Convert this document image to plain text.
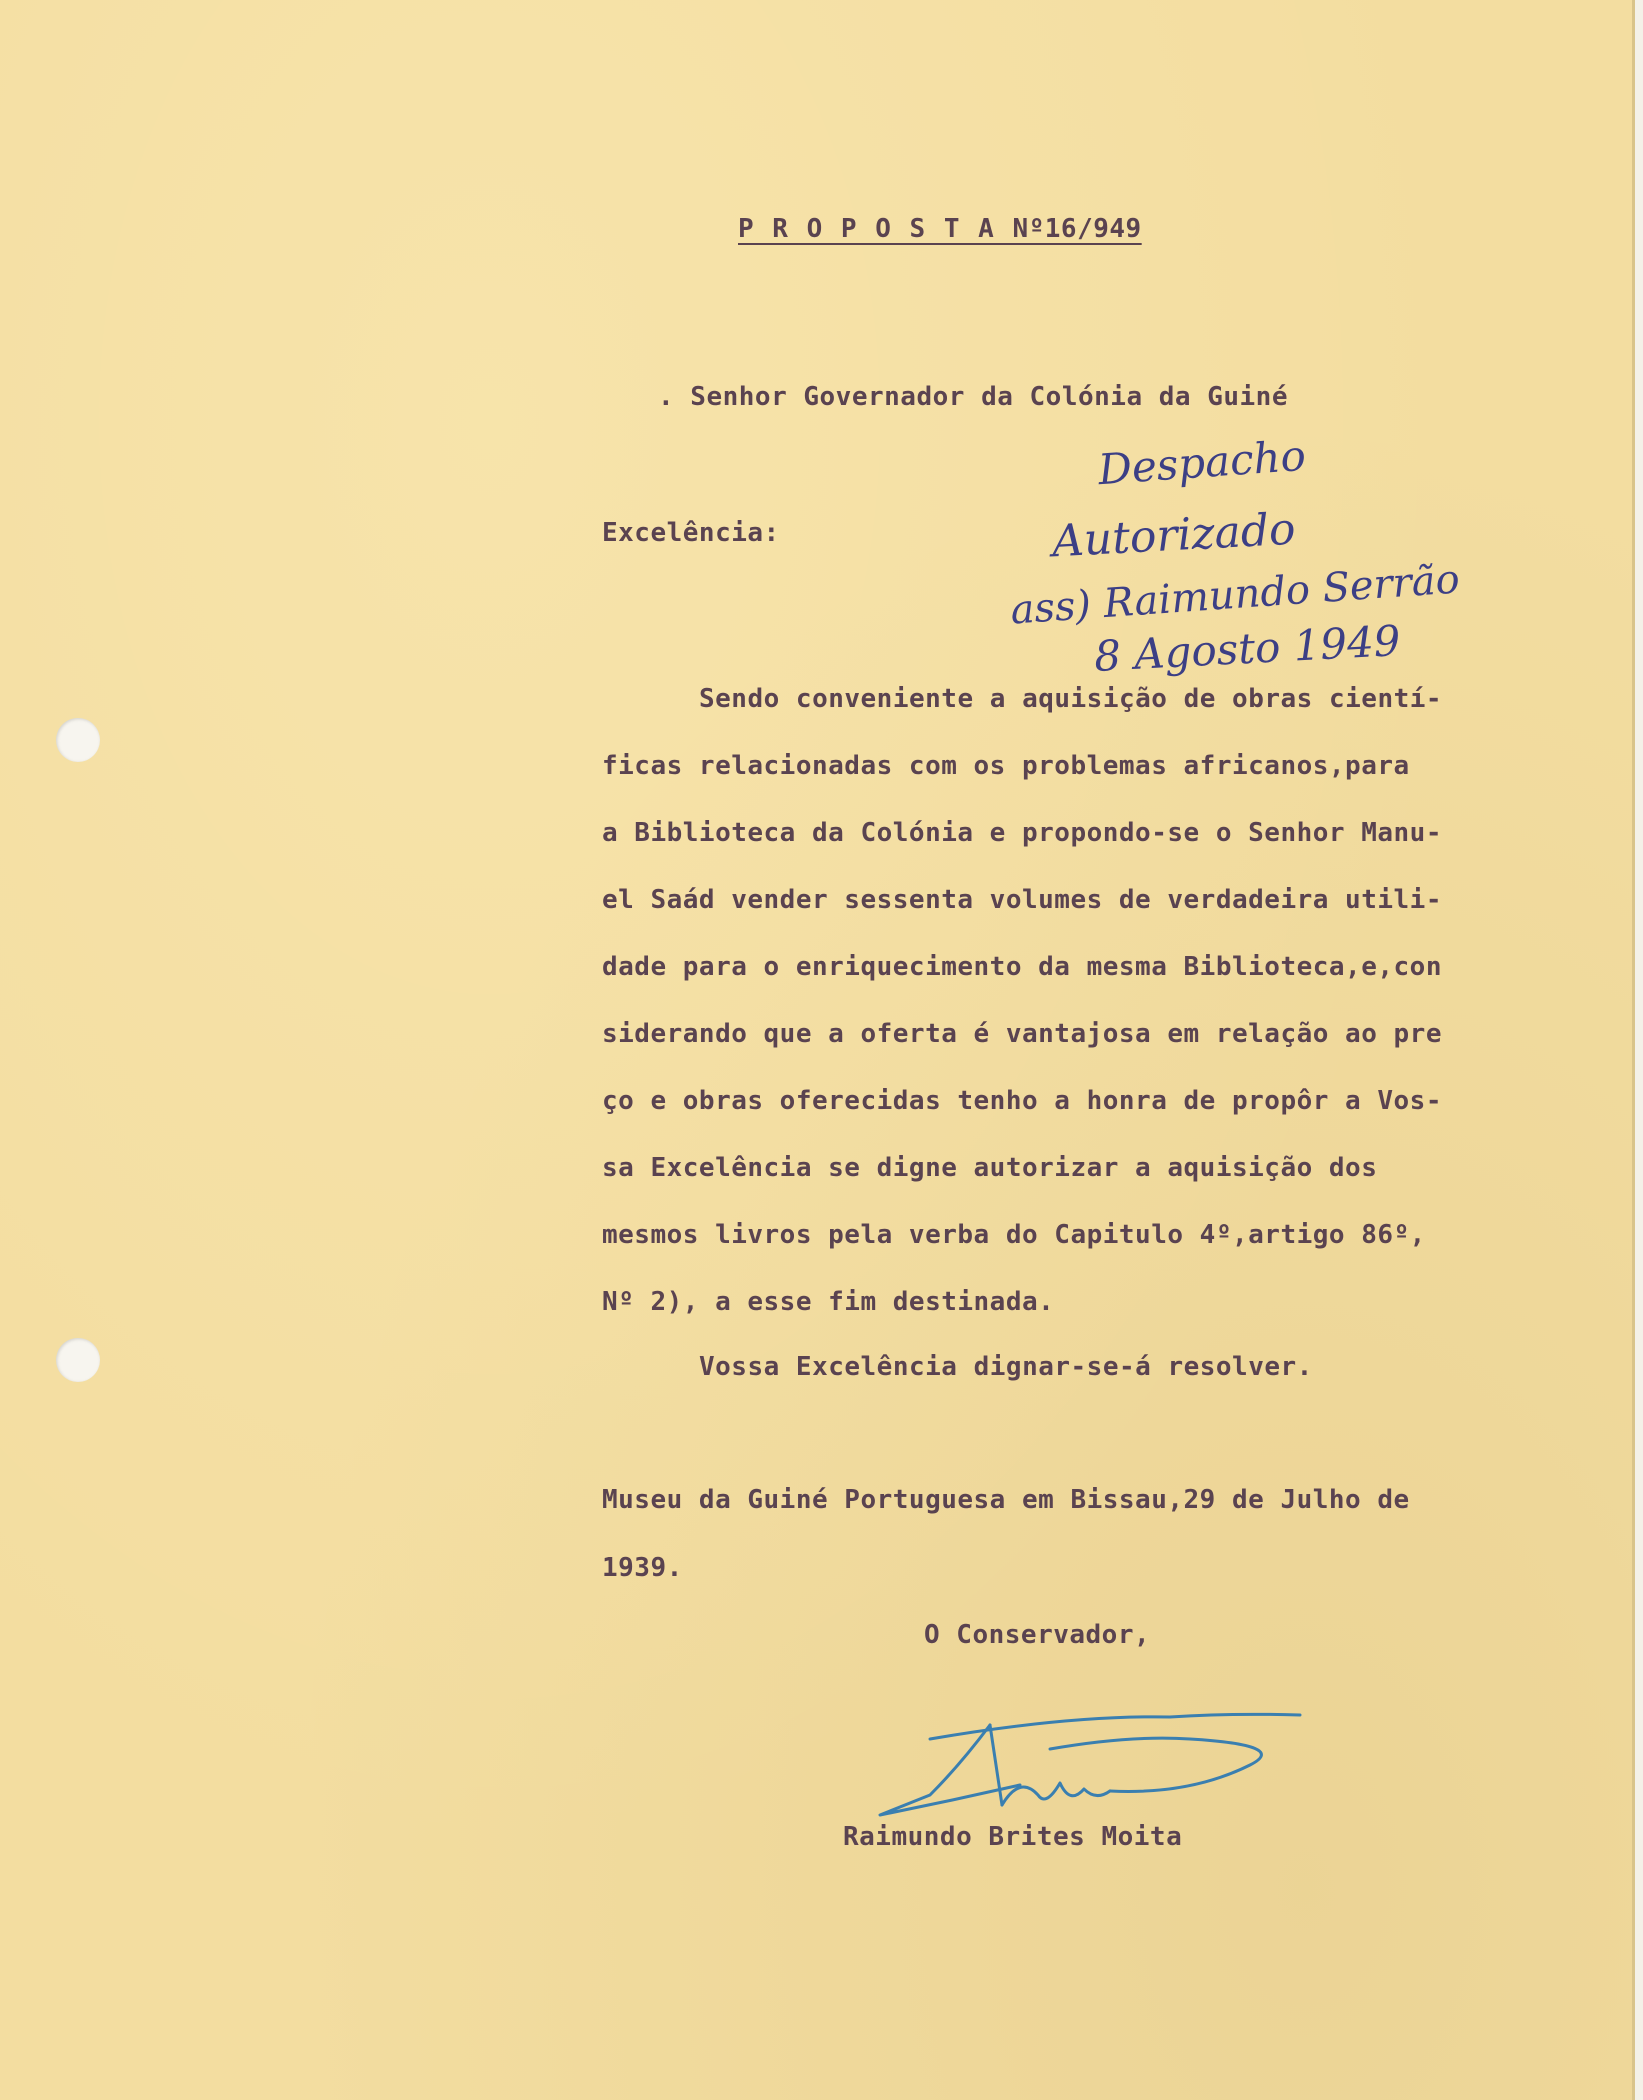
P R O P O S T A Nº16/949

. Senhor Governador da Colónia da Guiné

Excelência:

Despacho

Autorizado

ass) Raimundo Serrão

8 Agosto 1949

Sendo conveniente a aquisição de obras cientí-

ficas relacionadas com os problemas africanos,para

a Biblioteca da Colónia e propondo-se o Senhor Manu-

el Saád vender sessenta volumes de verdadeira utili-

dade para o enriquecimento da mesma Biblioteca,e,con

siderando que a oferta é vantajosa em relação ao pre

ço e obras oferecidas tenho a honra de propôr a Vos-

sa Excelência se digne autorizar a aquisição dos

mesmos livros pela verba do Capitulo 4º,artigo 86º,

Nº 2), a esse fim destinada.

Vossa Excelência dignar-se-á resolver.

Museu da Guiné Portuguesa em Bissau,29 de Julho de

1939.

O Conservador,

Raimundo Brites Moita
